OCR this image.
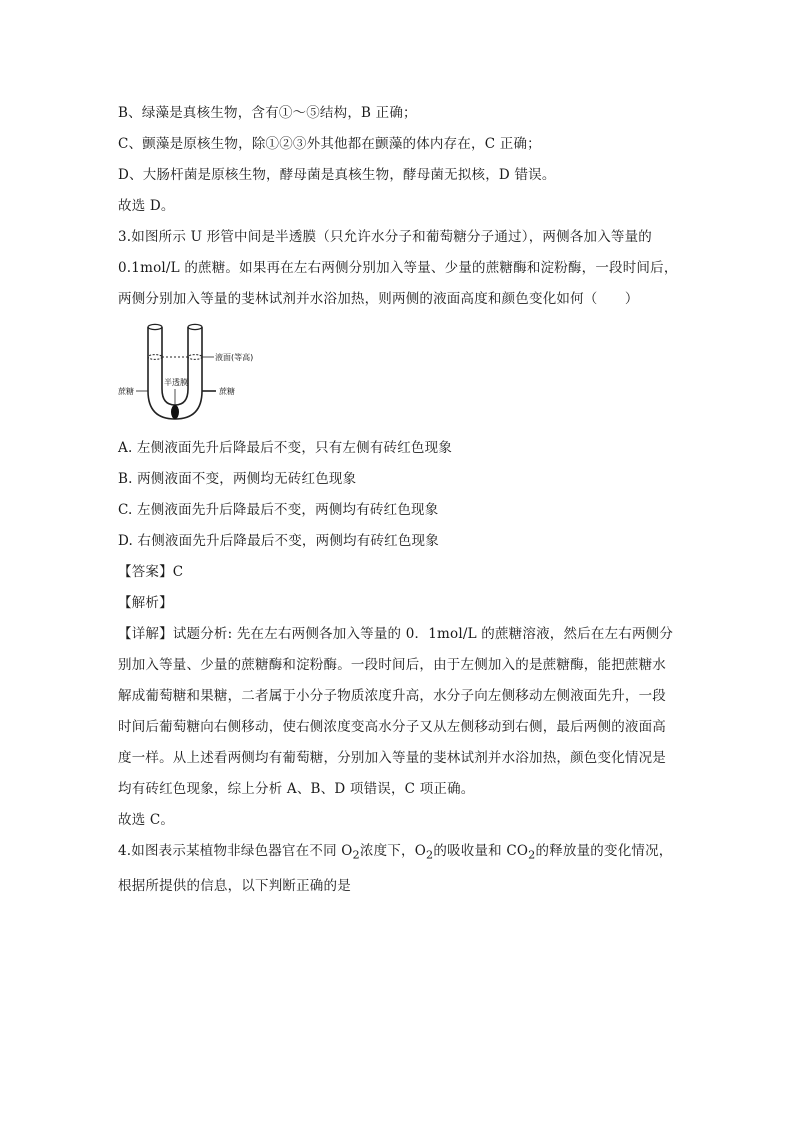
B、绿藻是真核生物，含有①～⑤结构，B 正确；
C、颤藻是原核生物，除①②③外其他都在颤藻的体内存在，C 正确；
D、大肠杆菌是原核生物，酵母菌是真核生物，酵母菌无拟核，D 错误。
故选 D。
3.如图所示 U 形管中间是半透膜（只允许水分子和葡萄糖分子通过），两侧各加入等量的
0.1mol/L 的蔗糖。如果再在左右两侧分别加入等量、少量的蔗糖酶和淀粉酶，一段时间后，
两侧分别加入等量的斐林试剂并水浴加热，则两侧的液面高度和颜色变化如何（　　）
蔗糖
半透膜
液面(等高)
蔗糖
A. 左侧液面先升后降最后不变，只有左侧有砖红色现象
B. 两侧液面不变，两侧均无砖红色现象
C. 左侧液面先升后降最后不变，两侧均有砖红色现象
D. 右侧液面先升后降最后不变，两侧均有砖红色现象
【答案】C
【解析】
【详解】试题分析: 先在左右两侧各加入等量的 0．1mol/L 的蔗糖溶液，然后在左右两侧分
别加入等量、少量的蔗糖酶和淀粉酶。一段时间后，由于左侧加入的是蔗糖酶，能把蔗糖水
解成葡萄糖和果糖，二者属于小分子物质浓度升高，水分子向左侧移动左侧液面先升，一段
时间后葡萄糖向右侧移动，使右侧浓度变高水分子又从左侧移动到右侧，最后两侧的液面高
度一样。从上述看两侧均有葡萄糖，分别加入等量的斐林试剂并水浴加热，颜色变化情况是
均有砖红色现象，综上分析 A、B、D 项错误，C 项正确。
故选 C。
4.如图表示某植物非绿色器官在不同 $O_2$浓度下，$O_2$的吸收量和 $CO_2$的释放量的变化情况，
根据所提供的信息，以下判断正确的是
